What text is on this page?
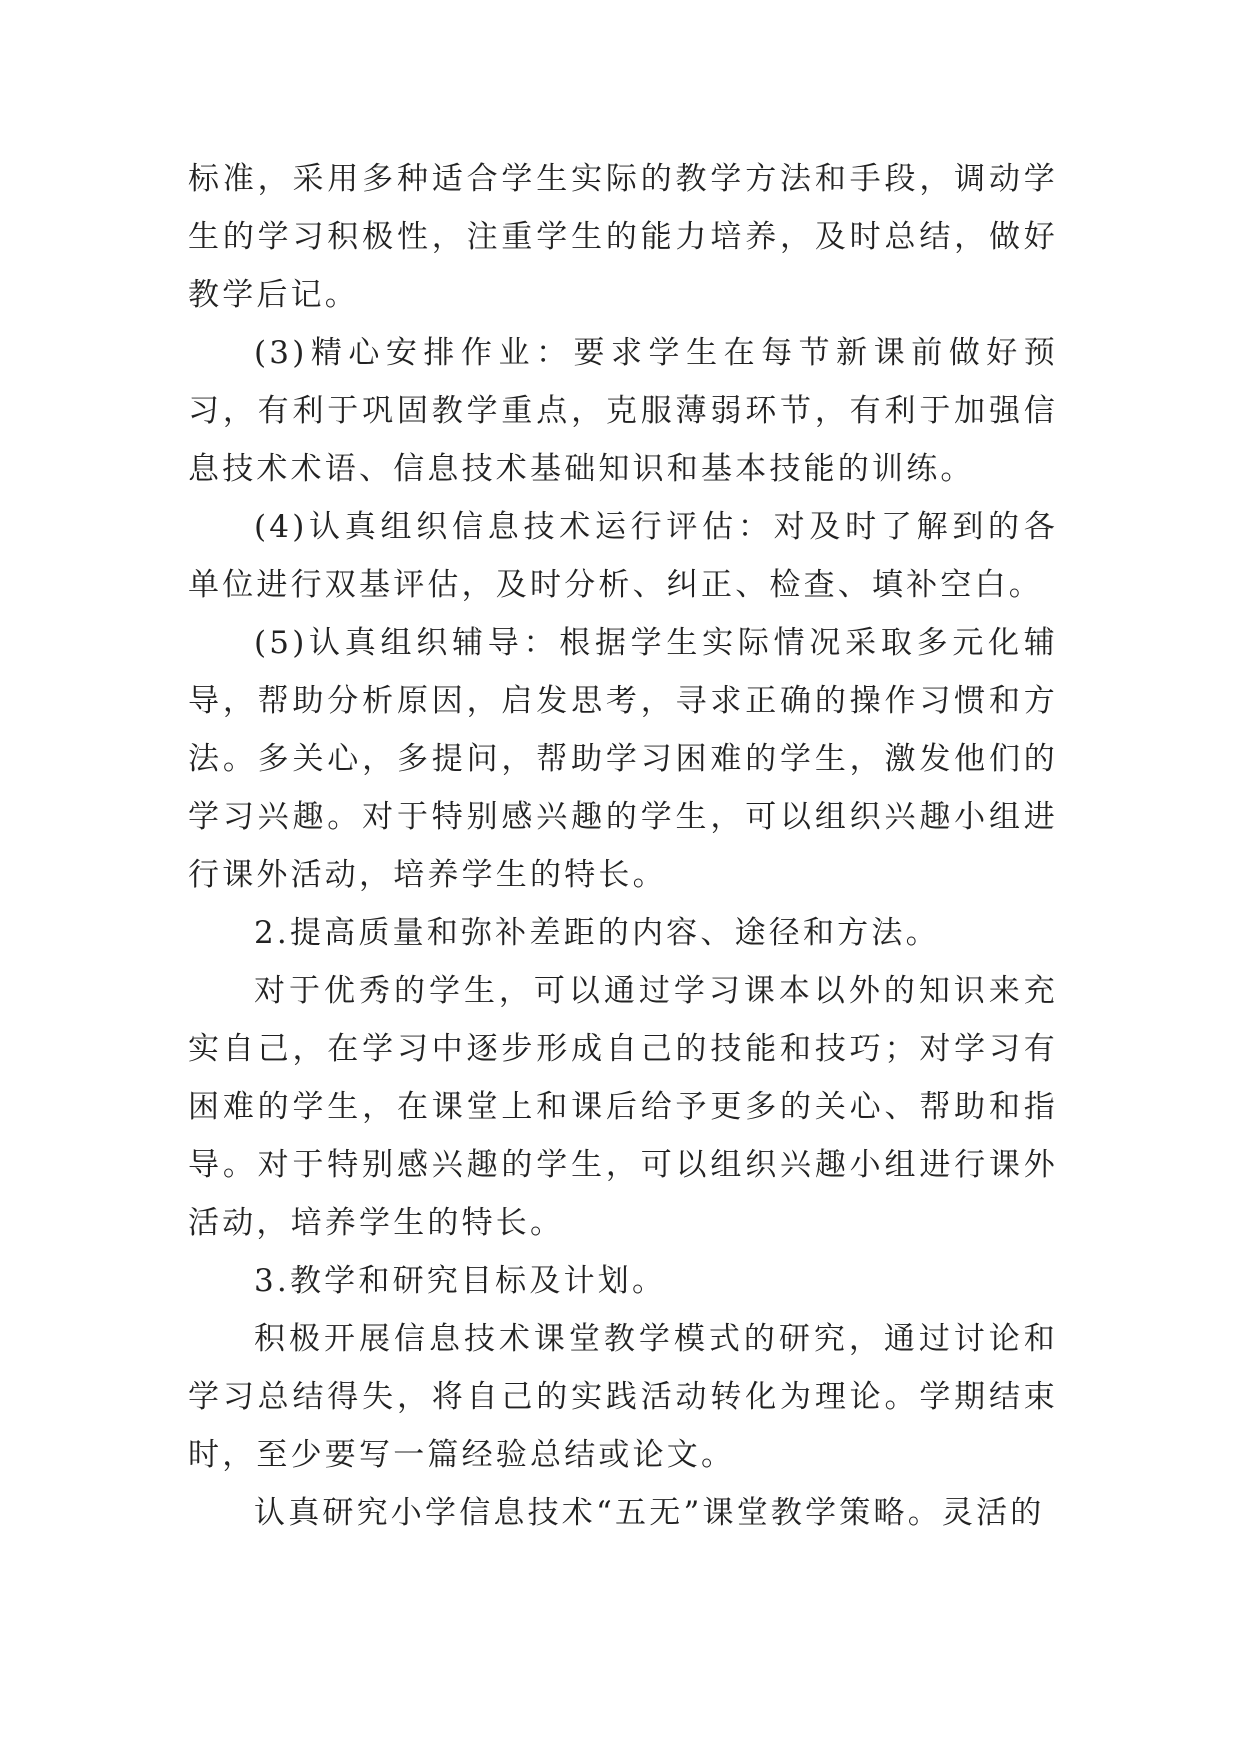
标准，采用多种适合学生实际的教学方法和手段，调动学生的学习积极性，注重学生的能力培养，及时总结，做好教学后记。

(3)精心安排作业：要求学生在每节新课前做好预习，有利于巩固教学重点，克服薄弱环节，有利于加强信息技术术语、信息技术基础知识和基本技能的训练。

(4)认真组织信息技术运行评估：对及时了解到的各单位进行双基评估，及时分析、纠正、检查、填补空白。

(5)认真组织辅导：根据学生实际情况采取多元化辅导，帮助分析原因，启发思考，寻求正确的操作习惯和方法。多关心，多提问，帮助学习困难的学生，激发他们的学习兴趣。对于特别感兴趣的学生，可以组织兴趣小组进行课外活动，培养学生的特长。

2.提高质量和弥补差距的内容、途径和方法。

对于优秀的学生，可以通过学习课本以外的知识来充实自己，在学习中逐步形成自己的技能和技巧；对学习有困难的学生，在课堂上和课后给予更多的关心、帮助和指导。对于特别感兴趣的学生，可以组织兴趣小组进行课外活动，培养学生的特长。

3.教学和研究目标及计划。

积极开展信息技术课堂教学模式的研究，通过讨论和学习总结得失，将自己的实践活动转化为理论。学期结束时，至少要写一篇经验总结或论文。

认真研究小学信息技术“五无”课堂教学策略。灵活的
